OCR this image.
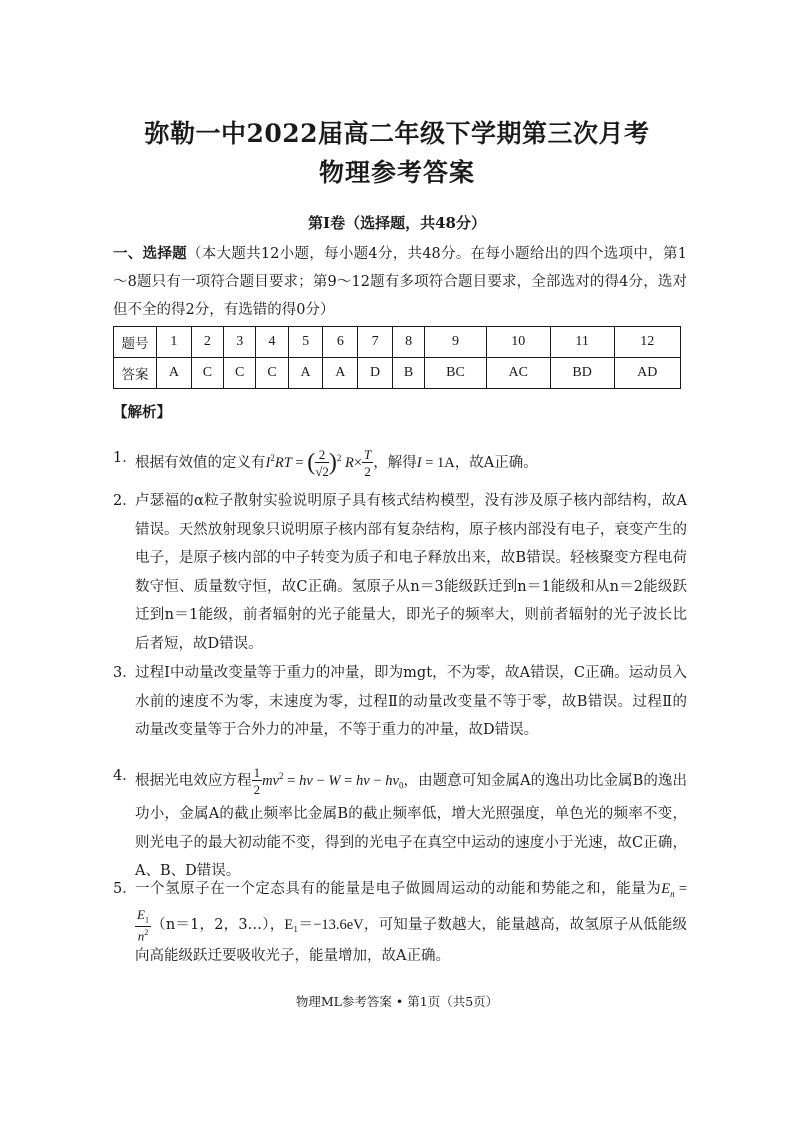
弥勒一中2022届高二年级下学期第三次月考
物理参考答案
第Ⅰ卷（选择题，共48分）
一、选择题（本大题共12小题，每小题4分，共48分。在每小题给出的四个选项中，第1～8题只有一项符合题目要求；第9～12题有多项符合题目要求，全部选对的得4分，选对但不全的得2分，有选错的得0分）
题号	1	2	3	4	5	6	7	8	9	10	11	12
答案	A	C	C	C	A	A	D	B	BC	AC	BD	AD
【解析】
1．
根据有效值的定义有$I^2RT$ = ( $\frac{2}{√2} )^2$ $R\times \frac{T}{2}$ ，解得I = 1A，故A正确。
2．
卢瑟福的α粒子散射实验说明原子具有核式结构模型，没有涉及原子核内部结构，故A错误。天然放射现象只说明原子核内部有复杂结构，原子核内部没有电子，衰变产生的电子，是原子核内部的中子转变为质子和电子释放出来，故B错误。轻核聚变方程电荷数守恒、质量数守恒，故C正确。氢原子从n＝3能级跃迁到n＝1能级和从n＝2能级跃迁到n＝1能级，前者辐射的光子能量大，即光子的频率大，则前者辐射的光子波长比后者短，故D错误。
3．
过程Ⅰ中动量改变量等于重力的冲量，即为mgt，不为零，故A错误，C正确。运动员入水前的速度不为零，末速度为零，过程Ⅱ的动量改变量不等于零，故B错误。过程Ⅱ的动量改变量等于合外力的冲量，不等于重力的冲量，故D错误。
4．
根据光电效应方程 $\frac{1}{2} mv^2 = h\nu - W = h\nu - h\nu_0$，由题意可知金属A的逸出功比金属B的逸出功小，金属A的截止频率比金属B的截止频率低，增大光照强度，单色光的频率不变，则光电子的最大初动能不变，得到的光电子在真空中运动的速度小于光速，故C正确，A、B、D错误。
5．
一个氢原子在一个定态具有的能量是电子做圆周运动的动能和势能之和，能量为$E_n$ =
$\frac{E_1}{n^2} (n=1$，2，3…），E₁＝−13.6eV，可知量子数越大，能量越高，故氢原子从低能级向高能级跃迁要吸收光子，能量增加，故A正确。
物理ML参考答案 • 第1页（共5页）
